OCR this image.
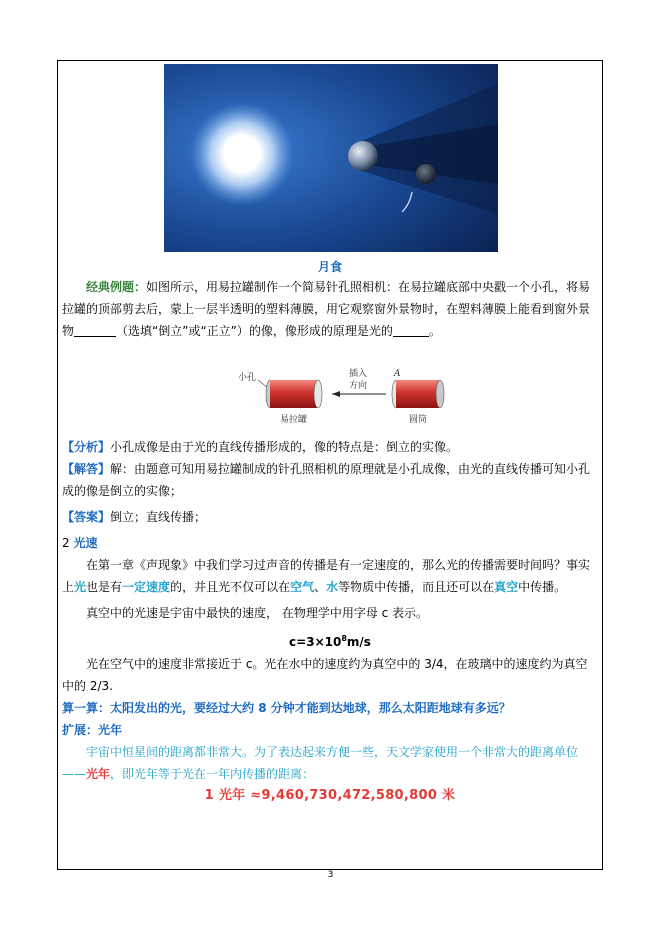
月食

经典例题：如图所示，用易拉罐制作一个简易针孔照相机：在易拉罐底部中央戳一个小孔，将易拉罐的顶部剪去后，蒙上一层半透明的塑料薄膜，用它观察窗外景物时，在塑料薄膜上能看到窗外景物	（选填“倒立”或“正立”）的像，像形成的原理是光的	。

小孔
易拉罐
插入
方向
A
圆筒

【分析】小孔成像是由于光的直线传播形成的，像的特点是：倒立的实像。

【解答】解：由题意可知用易拉罐制成的针孔照相机的原理就是小孔成像，由光的直线传播可知小孔成的像是倒立的实像；

【答案】倒立；直线传播；

2 光速

在第一章《声现象》中我们学习过声音的传播是有一定速度的，那么光的传播需要时间吗？事实上光也是有一定速度的，并且光不仅可以在空气、水等物质中传播，而且还可以在真空中传播。

真空中的光速是宇宙中最快的速度， 在物理学中用字母 c 表示。

$c=3\times 10^8m/s$

光在空气中的速度非常接近于 c。光在水中的速度约为真空中的 3/4，在玻璃中的速度约为真空中的 2/3.

算一算：太阳发出的光，要经过大约 8 分钟才能到达地球，那么太阳距地球有多远？

扩展：光年

宇宙中恒星间的距离都非常大。为了表达起来方便一些，天文学家使用一个非常大的距离单位——光年，即光年等于光在一年内传播的距离：

1 光年 ≈9,460,730,472,580,800 米

3
